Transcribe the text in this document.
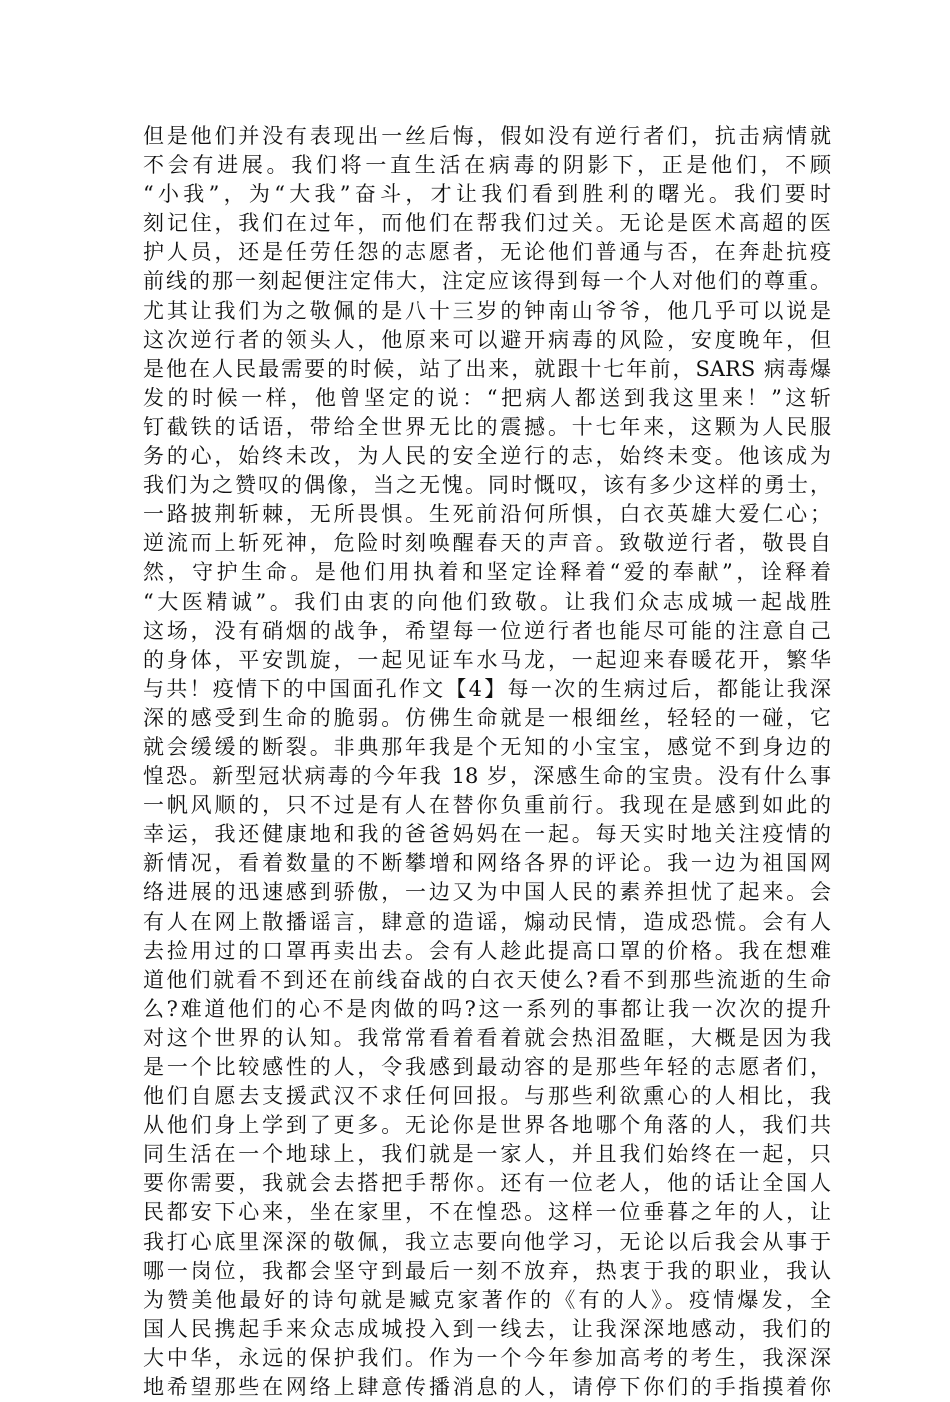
但是他们并没有表现出一丝后悔，假如没有逆行者们，抗击病情就
不会有进展。我们将一直生活在病毒的阴影下，正是他们，不顾
“小我”，为“大我”奋斗，才让我们看到胜利的曙光。我们要时
刻记住，我们在过年，而他们在帮我们过关。无论是医术高超的医
护人员，还是任劳任怨的志愿者，无论他们普通与否，在奔赴抗疫
前线的那一刻起便注定伟大，注定应该得到每一个人对他们的尊重。
尤其让我们为之敬佩的是八十三岁的钟南山爷爷，他几乎可以说是
这次逆行者的领头人，他原来可以避开病毒的风险，安度晚年，但
是他在人民最需要的时候，站了出来，就跟十七年前，SARS 病毒爆
发的时候一样，他曾坚定的说：“把病人都送到我这里来！”这斩
钉截铁的话语，带给全世界无比的震撼。十七年来，这颗为人民服
务的心，始终未改，为人民的安全逆行的志，始终未变。他该成为
我们为之赞叹的偶像，当之无愧。同时慨叹，该有多少这样的勇士，
一路披荆斩棘，无所畏惧。生死前沿何所惧，白衣英雄大爱仁心；
逆流而上斩死神，危险时刻唤醒春天的声音。致敬逆行者，敬畏自
然，守护生命。是他们用执着和坚定诠释着“爱的奉献”，诠释着
“大医精诚”。我们由衷的向他们致敬。让我们众志成城一起战胜
这场，没有硝烟的战争，希望每一位逆行者也能尽可能的注意自己
的身体，平安凯旋，一起见证车水马龙，一起迎来春暖花开，繁华
与共！疫情下的中国面孔作文【4】每一次的生病过后，都能让我深
深的感受到生命的脆弱。仿佛生命就是一根细丝，轻轻的一碰，它
就会缓缓的断裂。非典那年我是个无知的小宝宝，感觉不到身边的
惶恐。新型冠状病毒的今年我 18 岁，深感生命的宝贵。没有什么事
一帆风顺的，只不过是有人在替你负重前行。我现在是感到如此的
幸运，我还健康地和我的爸爸妈妈在一起。每天实时地关注疫情的
新情况，看着数量的不断攀增和网络各界的评论。我一边为祖国网
络进展的迅速感到骄傲，一边又为中国人民的素养担忧了起来。会
有人在网上散播谣言，肆意的造谣，煽动民情，造成恐慌。会有人
去捡用过的口罩再卖出去。会有人趁此提高口罩的价格。我在想难
道他们就看不到还在前线奋战的白衣天使么?看不到那些流逝的生命
么?难道他们的心不是肉做的吗?这一系列的事都让我一次次的提升
对这个世界的认知。我常常看着看着就会热泪盈眶，大概是因为我
是一个比较感性的人，令我感到最动容的是那些年轻的志愿者们，
他们自愿去支援武汉不求任何回报。与那些利欲熏心的人相比，我
从他们身上学到了更多。无论你是世界各地哪个角落的人，我们共
同生活在一个地球上，我们就是一家人，并且我们始终在一起，只
要你需要，我就会去搭把手帮你。还有一位老人，他的话让全国人
民都安下心来，坐在家里，不在惶恐。这样一位垂暮之年的人，让
我打心底里深深的敬佩，我立志要向他学习，无论以后我会从事于
哪一岗位，我都会坚守到最后一刻不放弃，热衷于我的职业，我认
为赞美他最好的诗句就是臧克家著作的《有的人》。疫情爆发，全
国人民携起手来众志成城投入到一线去，让我深深地感动，我们的
大中华，永远的保护我们。作为一个今年参加高考的考生，我深深
地希望那些在网络上肆意传播消息的人，请停下你们的手指摸着你
